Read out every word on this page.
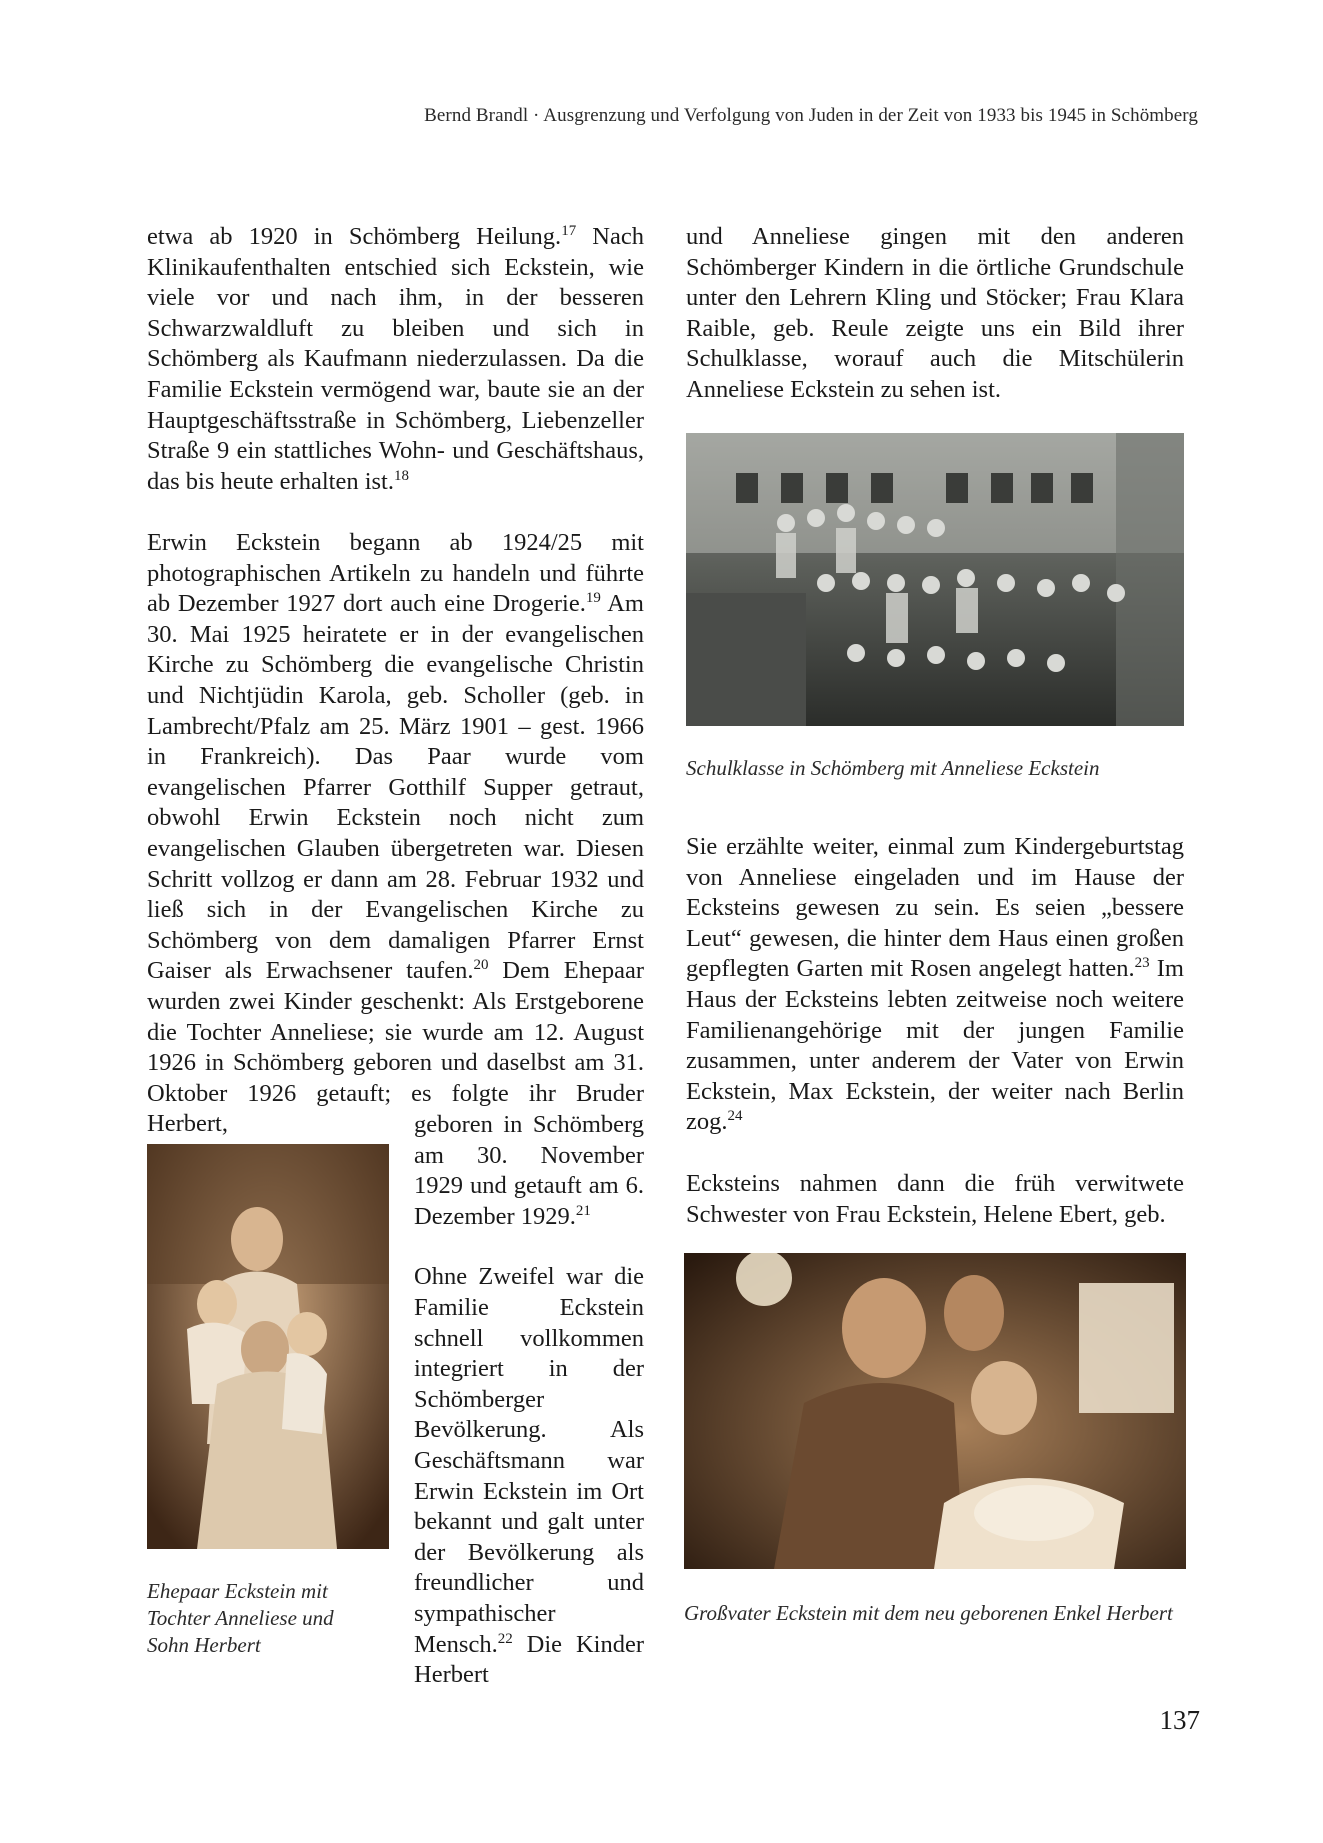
Bernd Brandl · Ausgrenzung und Verfolgung von Juden in der Zeit von 1933 bis 1945 in Schömberg

etwa ab 1920 in Schömberg Heilung.$^{17}$ Nach Klinikaufenthalten entschied sich Eckstein, wie viele vor und nach ihm, in der besseren Schwarzwaldluft zu bleiben und sich in Schömberg als Kaufmann niederzulassen. Da die Familie Eckstein vermögend war, baute sie an der Hauptgeschäftsstraße in Schömberg, Liebenzeller Straße 9 ein stattliches Wohn- und Geschäftshaus, das bis heute erhalten ist.$^{18}$

Erwin Eckstein begann ab 1924/25 mit photographischen Artikeln zu handeln und führte ab Dezember 1927 dort auch eine Drogerie.$^{19}$ Am 30. Mai 1925 heiratete er in der evangelischen Kirche zu Schömberg die evangelische Christin und Nichtjüdin Karola, geb. Scholler (geb. in Lambrecht/Pfalz am 25. März 1901 – gest. 1966 in Frankreich). Das Paar wurde vom evangelischen Pfarrer Gotthilf Supper getraut, obwohl Erwin Eckstein noch nicht zum evangelischen Glauben übergetreten war. Diesen Schritt vollzog er dann am 28. Februar 1932 und ließ sich in der Evangelischen Kirche zu Schömberg von dem damaligen Pfarrer Ernst Gaiser als Erwachsener taufen.$^{20}$ Dem Ehepaar wurden zwei Kinder geschenkt: Als Erstgeborene die Tochter Anneliese; sie wurde am 12. August 1926 in Schömberg geboren und daselbst am 31. Oktober 1926 getauft; es folgte ihr Bruder Herbert,

Ehepaar Eckstein mit Tochter Anneliese und Sohn Herbert

geboren in Schömberg am 30. November 1929 und getauft am 6. Dezember 1929.21

Ohne Zweifel war die Familie Eckstein schnell vollkommen integriert in der Schömberger Bevölkerung. Als Geschäftsmann war Erwin Eckstein im Ort bekannt und galt unter der Bevölkerung als freundlicher und sympathischer Mensch.$^{22}$ Die Kinder Herbert

und Anneliese gingen mit den anderen Schömberger Kindern in die örtliche Grundschule unter den Lehrern Kling und Stöcker; Frau Klara Raible, geb. Reule zeigte uns ein Bild ihrer Schulklasse, worauf auch die Mitschülerin Anneliese Eckstein zu sehen ist.
Schulklasse in Schömberg mit Anneliese Eckstein

Sie erzählte weiter, einmal zum Kindergeburtstag von Anneliese eingeladen und im Hause der Ecksteins gewesen zu sein. Es seien „bessere Leut“ gewesen, die hinter dem Haus einen großen gepflegten Garten mit Rosen angelegt hatten.$^{23}$ Im Haus der Ecksteins lebten zeitweise noch weitere Familienangehörige mit der jungen Familie zusammen, unter anderem der Vater von Erwin Eckstein, Max Eckstein, der weiter nach Berlin zog.$^{24}$

Ecksteins nahmen dann die früh verwitwete Schwester von Frau Eckstein, Helene Ebert, geb.
Großvater Eckstein mit dem neu geborenen Enkel Herbert
137
